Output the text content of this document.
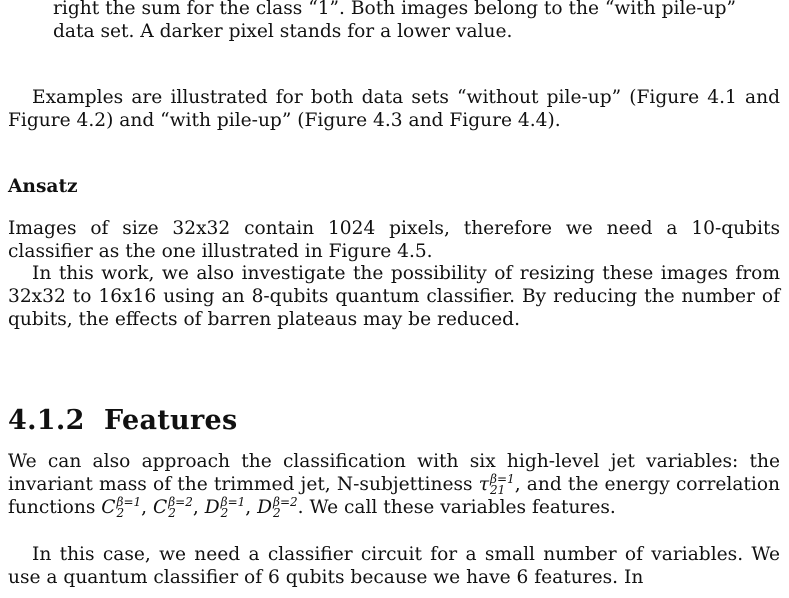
right the sum for the class “1”. Both images belong to the “with pile-up”

data set. A darker pixel stands for a lower value.

Examples are illustrated for both data sets “without pile-up” (Figure 4.1 and Figure 4.2) and “with pile-up” (Figure 4.3 and Figure 4.4).

Ansatz

Images of size 32x32 contain 1024 pixels, therefore we need a 10-qubits classifier as the one illustrated in Figure 4.5.

In this work, we also investigate the possibility of resizing these images from 32x32 to 16x16 using an 8-qubits quantum classifier. By reducing the number of qubits, the effects of barren plateaus may be reduced.

4.1.2 Features

We can also approach the classification with six high-level jet variables: the invariant mass of the trimmed jet, N-subjettiness τ β=1
21 , and the energy correlation functions C β=1
2 , C β=2
2 , D β=1
2 , D β=2
2 . We call these variables features.

In this case, we need a classifier circuit for a small number of variables. We use a quantum classifier of 6 qubits because we have 6 features. In
